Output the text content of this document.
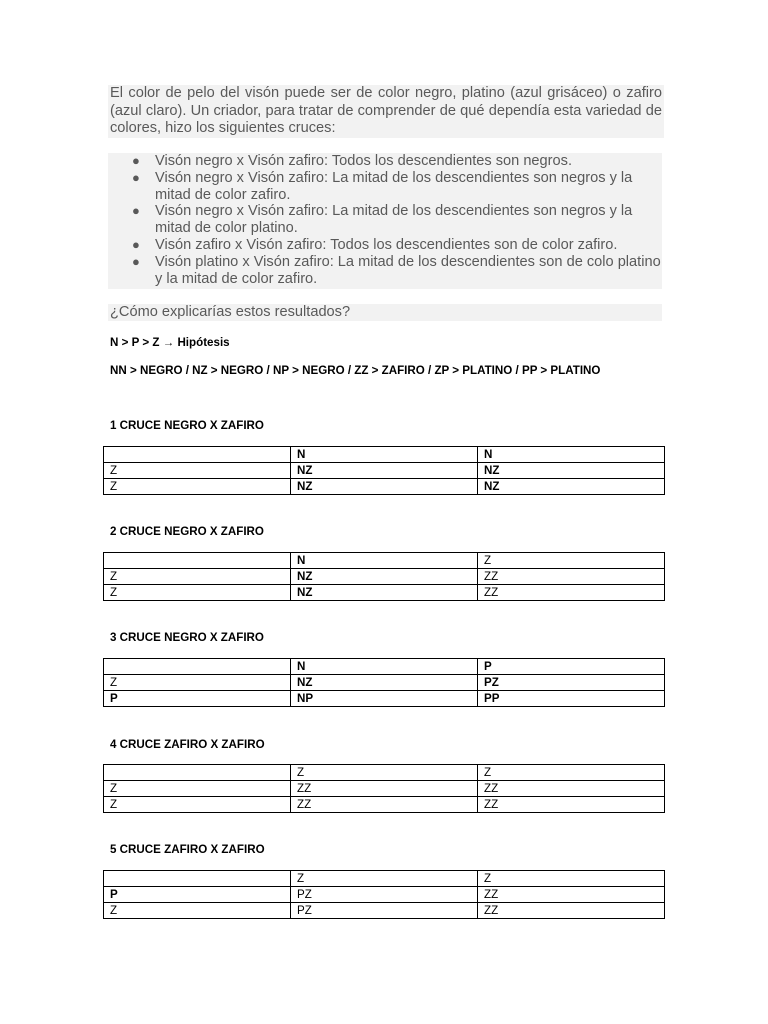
El color de pelo del visón puede ser de color negro, platino (azul grisáceo) o zafiro (azul claro). Un criador, para tratar de comprender de qué dependía esta variedad de colores, hizo los siguientes cruces:

● Visón negro x Visón zafiro: Todos los descendientes son negros.
● Visón negro x Visón zafiro: La mitad de los descendientes son negros y la mitad de color zafiro.
● Visón negro x Visón zafiro: La mitad de los descendientes son negros y la mitad de color platino.
● Visón zafiro x Visón zafiro: Todos los descendientes son de color zafiro.
● Visón platino x Visón zafiro: La mitad de los descendientes son de colo platino y la mitad de color zafiro.
¿Cómo explicarías estos resultados?
N > P > Z → Hipótesis
NN > NEGRO / NZ > NEGRO / NP > NEGRO / ZZ > ZAFIRO / ZP > PLATINO / PP > PLATINO
1 CRUCE NEGRO X ZAFIRO
	N	N
Z	NZ	NZ
Z	NZ	NZ
2 CRUCE NEGRO X ZAFIRO
	N	Z
Z	NZ	ZZ
Z	NZ	ZZ
3 CRUCE NEGRO X ZAFIRO
	N	P
Z	NZ	PZ
P	NP	PP
4 CRUCE ZAFIRO X ZAFIRO
	Z	Z
Z	ZZ	ZZ
Z	ZZ	ZZ
5 CRUCE ZAFIRO X ZAFIRO
	Z	Z
P	PZ	ZZ
Z	PZ	ZZ
